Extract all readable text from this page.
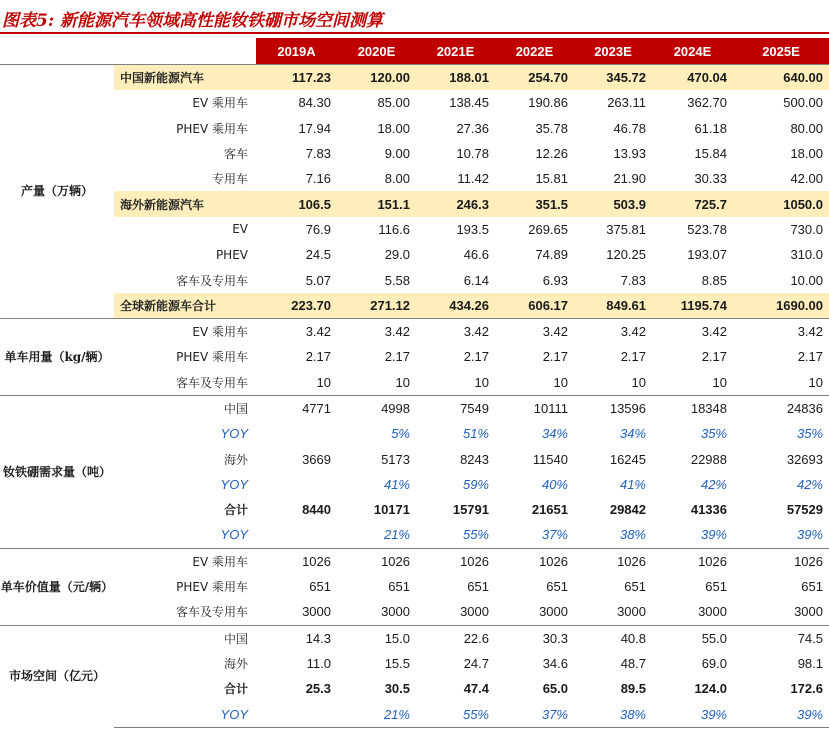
图表5: 新能源汽车领域高性能钕铁硼市场空间测算
		2019A	2020E	2021E	2022E	2023E	2024E	2025E
产量（万辆）	中国新能源汽车	117.23	120.00	188.01	254.70	345.72	470.04	640.00
	EV 乘用车	84.30	85.00	138.45	190.86	263.11	362.70	500.00
	PHEV 乘用车	17.94	18.00	27.36	35.78	46.78	61.18	80.00
	客车	7.83	9.00	10.78	12.26	13.93	15.84	18.00
	专用车	7.16	8.00	11.42	15.81	21.90	30.33	42.00
	海外新能源汽车	106.5	151.1	246.3	351.5	503.9	725.7	1050.0
	EV	76.9	116.6	193.5	269.65	375.81	523.78	730.0
	PHEV	24.5	29.0	46.6	74.89	120.25	193.07	310.0
	客车及专用车	5.07	5.58	6.14	6.93	7.83	8.85	10.00
	全球新能源车合计	223.70	271.12	434.26	606.17	849.61	1195.74	1690.00
单车用量（kg/辆）	EV 乘用车	3.42	3.42	3.42	3.42	3.42	3.42	3.42
	PHEV 乘用车	2.17	2.17	2.17	2.17	2.17	2.17	2.17
	客车及专用车	10	10	10	10	10	10	10
钕铁硼需求量（吨）	中国	4771	4998	7549	10111	13596	18348	24836
	YOY		5%	51%	34%	34%	35%	35%
	海外	3669	5173	8243	11540	16245	22988	32693
	YOY		41%	59%	40%	41%	42%	42%
	合计	8440	10171	15791	21651	29842	41336	57529
	YOY		21%	55%	37%	38%	39%	39%
单车价值量（元/辆）	EV 乘用车	1026	1026	1026	1026	1026	1026	1026
	PHEV 乘用车	651	651	651	651	651	651	651
	客车及专用车	3000	3000	3000	3000	3000	3000	3000
市场空间（亿元）	中国	14.3	15.0	22.6	30.3	40.8	55.0	74.5
	海外	11.0	15.5	24.7	34.6	48.7	69.0	98.1
	合计	25.3	30.5	47.4	65.0	89.5	124.0	172.6
	YOY		21%	55%	37%	38%	39%	39%
